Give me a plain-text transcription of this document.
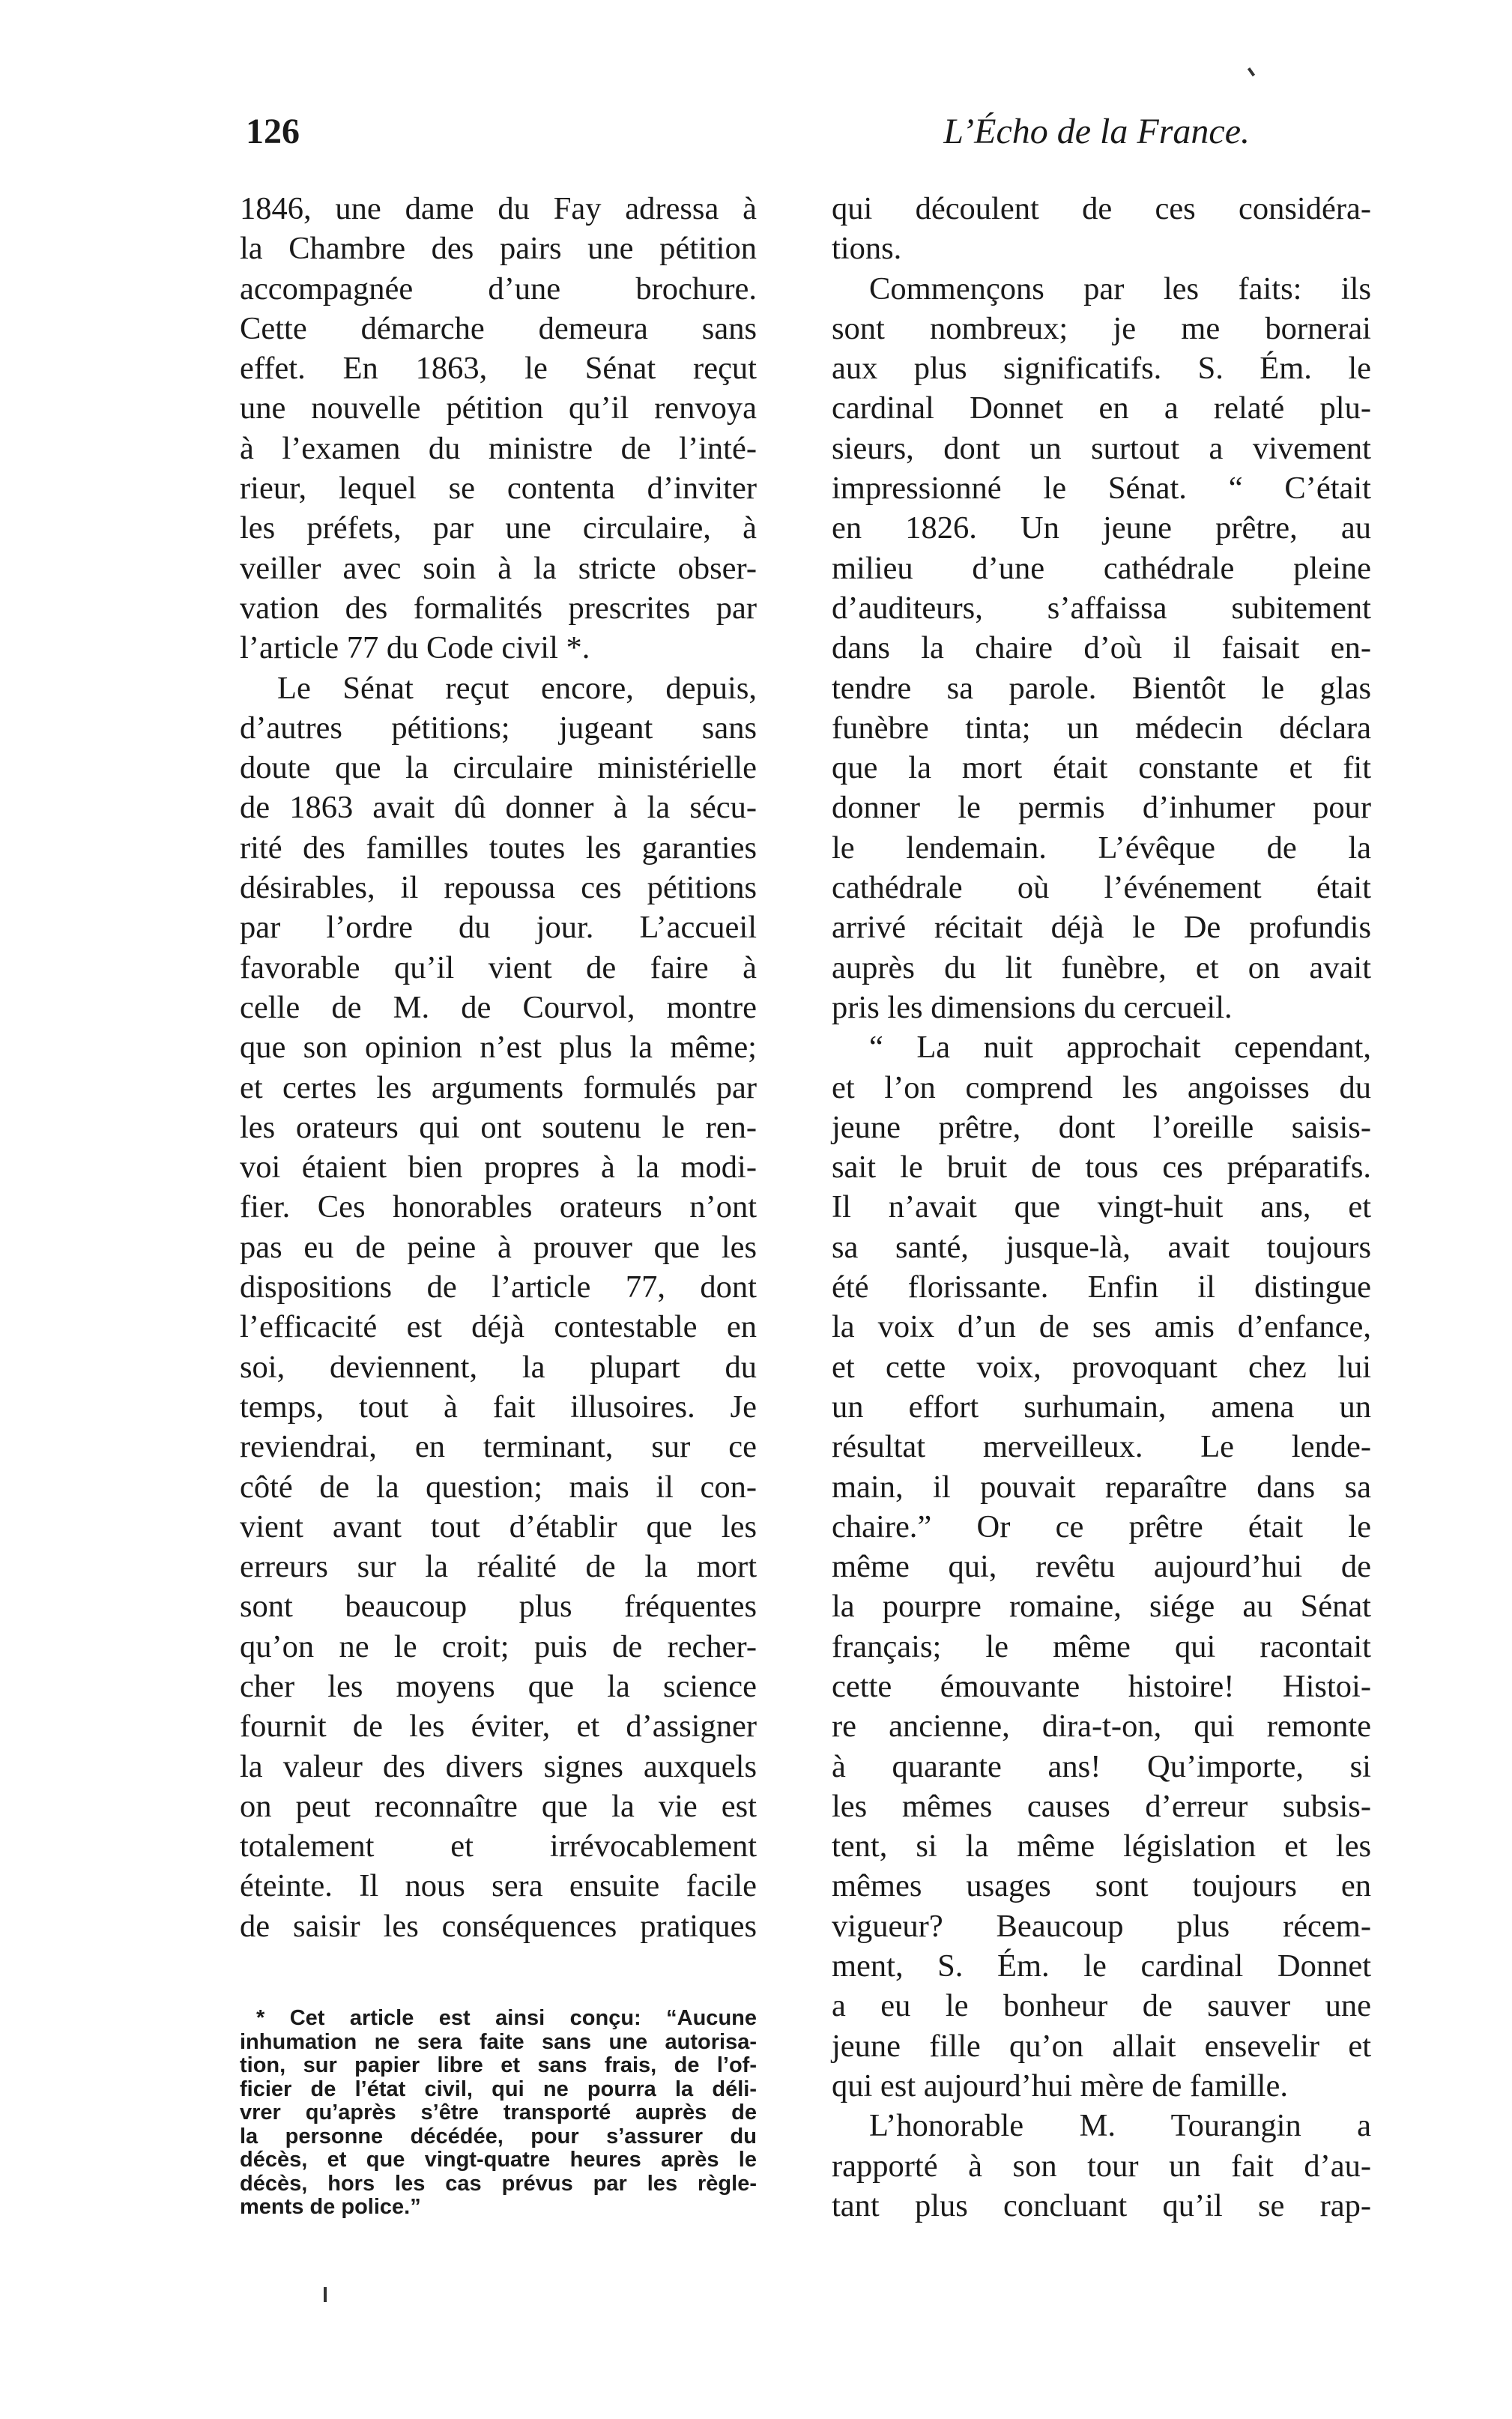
126	L’Écho de la France.
1846, une dame du Fay adressa à
la Chambre des pairs une pétition
accompagnée d’une brochure.
Cette démarche demeura sans
effet. En 1863, le Sénat reçut
une nouvelle pétition qu’il renvoya
à l’examen du ministre de l’inté-
rieur, lequel se contenta d’inviter
les préfets, par une circulaire, à
veiller avec soin à la stricte obser-
vation des formalités prescrites par
l’article 77 du Code civil *.
Le Sénat reçut encore, depuis,
d’autres pétitions; jugeant sans
doute que la circulaire ministérielle
de 1863 avait dû donner à la sécu-
rité des familles toutes les garanties
désirables, il repoussa ces pétitions
par l’ordre du jour. L’accueil
favorable qu’il vient de faire à
celle de M. de Courvol, montre
que son opinion n’est plus la même;
et certes les arguments formulés par
les orateurs qui ont soutenu le ren-
voi étaient bien propres à la modi-
fier. Ces honorables orateurs n’ont
pas eu de peine à prouver que les
dispositions de l’article 77, dont
l’efficacité est déjà contestable en
soi, deviennent, la plupart du
temps, tout à fait illusoires. Je
reviendrai, en terminant, sur ce
côté de la question; mais il con-
vient avant tout d’établir que les
erreurs sur la réalité de la mort
sont beaucoup plus fréquentes
qu’on ne le croit; puis de recher-
cher les moyens que la science
fournit de les éviter, et d’assigner
la valeur des divers signes auxquels
on peut reconnaître que la vie est
totalement et irrévocablement
éteinte. Il nous sera ensuite facile
de saisir les conséquences pratiques
qui découlent de ces considéra-
tions.
Commençons par les faits: ils
sont nombreux; je me bornerai
aux plus significatifs. S. Ém. le
cardinal Donnet en a relaté plu-
sieurs, dont un surtout a vivement
impressionné le Sénat. “ C’était
en 1826. Un jeune prêtre, au
milieu d’une cathédrale pleine
d’auditeurs, s’affaissa subitement
dans la chaire d’où il faisait en-
tendre sa parole. Bientôt le glas
funèbre tinta; un médecin déclara
que la mort était constante et fit
donner le permis d’inhumer pour
le lendemain. L’évêque de la
cathédrale où l’événement était
arrivé récitait déjà le De profundis
auprès du lit funèbre, et on avait
pris les dimensions du cercueil.
“ La nuit approchait cependant,
et l’on comprend les angoisses du
jeune prêtre, dont l’oreille saisis-
sait le bruit de tous ces préparatifs.
Il n’avait que vingt-huit ans, et
sa santé, jusque-là, avait toujours
été florissante. Enfin il distingue
la voix d’un de ses amis d’enfance,
et cette voix, provoquant chez lui
un effort surhumain, amena un
résultat merveilleux. Le lende-
main, il pouvait reparaître dans sa
chaire.” Or ce prêtre était le
même qui, revêtu aujourd’hui de
la pourpre romaine, siége au Sénat
français; le même qui racontait
cette émouvante histoire! Histoi-
re ancienne, dira-t-on, qui remonte
à quarante ans! Qu’importe, si
les mêmes causes d’erreur subsis-
tent, si la même législation et les
mêmes usages sont toujours en
vigueur? Beaucoup plus récem-
ment, S. Ém. le cardinal Donnet
a eu le bonheur de sauver une
jeune fille qu’on allait ensevelir et
qui est aujourd’hui mère de famille.
L’honorable M. Tourangin a
rapporté à son tour un fait d’au-
tant plus concluant qu’il se rap-
* Cet article est ainsi conçu: “Aucune
inhumation ne sera faite sans une autorisa-
tion, sur papier libre et sans frais, de l’of-
ficier de l’état civil, qui ne pourra la déli-
vrer qu’après s’être transporté auprès de
la personne décédée, pour s’assurer du
décès, et que vingt-quatre heures après le
décès, hors les cas prévus par les règle-
ments de police.”
